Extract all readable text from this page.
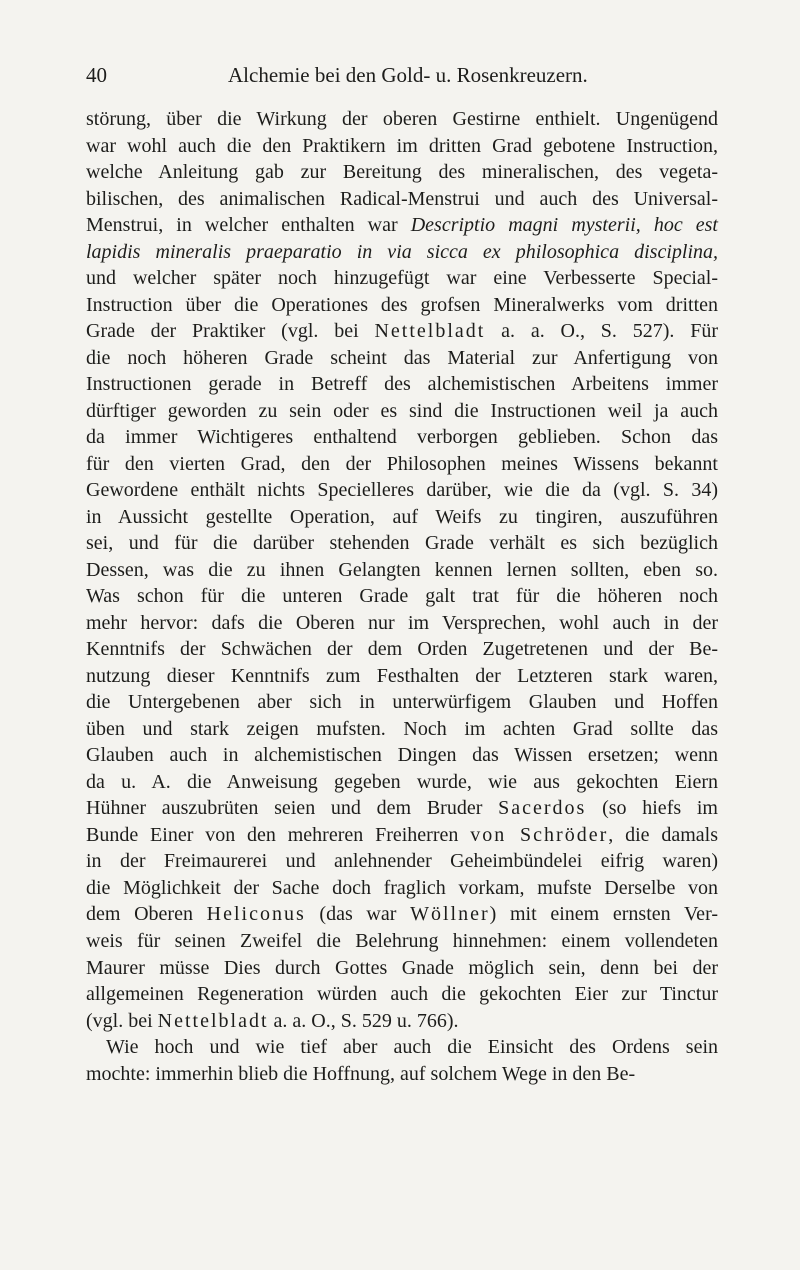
40	Alchemie bei den Gold- u. Rosenkreuzern.
störung, über die Wirkung der oberen Gestirne enthielt. Ungenügend
war wohl auch die den Praktikern im dritten Grad gebotene Instruction,
welche Anleitung gab zur Bereitung des mineralischen, des vegeta-
bilischen, des animalischen Radical-Menstrui und auch des Universal-
Menstrui, in welcher enthalten war Descriptio magni mysterii, hoc est
lapidis mineralis praeparatio in via sicca ex philosophica disciplina,
und welcher später noch hinzugefügt war eine Verbesserte Special-
Instruction über die Operationes des grofsen Mineralwerks vom dritten
Grade der Praktiker (vgl. bei Nettelbladt a. a. O., S. 527). Für
die noch höheren Grade scheint das Material zur Anfertigung von
Instructionen gerade in Betreff des alchemistischen Arbeitens immer
dürftiger geworden zu sein oder es sind die Instructionen weil ja auch
da immer Wichtigeres enthaltend verborgen geblieben. Schon das
für den vierten Grad, den der Philosophen meines Wissens bekannt
Gewordene enthält nichts Specielleres darüber, wie die da (vgl. S. 34)
in Aussicht gestellte Operation, auf Weifs zu tingiren, auszuführen
sei, und für die darüber stehenden Grade verhält es sich bezüglich
Dessen, was die zu ihnen Gelangten kennen lernen sollten, eben so.
Was schon für die unteren Grade galt trat für die höheren noch
mehr hervor: dafs die Oberen nur im Versprechen, wohl auch in der
Kenntnifs der Schwächen der dem Orden Zugetretenen und der Be-
nutzung dieser Kenntnifs zum Festhalten der Letzteren stark waren,
die Untergebenen aber sich in unterwürfigem Glauben und Hoffen
üben und stark zeigen mufsten. Noch im achten Grad sollte das
Glauben auch in alchemistischen Dingen das Wissen ersetzen; wenn
da u. A. die Anweisung gegeben wurde, wie aus gekochten Eiern
Hühner auszubrüten seien und dem Bruder Sacerdos (so hiefs im
Bunde Einer von den mehreren Freiherren von Schröder, die damals
in der Freimaurerei und anlehnender Geheimbündelei eifrig waren)
die Möglichkeit der Sache doch fraglich vorkam, mufste Derselbe von
dem Oberen Heliconus (das war Wöllner) mit einem ernsten Ver-
weis für seinen Zweifel die Belehrung hinnehmen: einem vollendeten
Maurer müsse Dies durch Gottes Gnade möglich sein, denn bei der
allgemeinen Regeneration würden auch die gekochten Eier zur Tinctur
(vgl. bei Nettelbladt a. a. O., S. 529 u. 766).
Wie hoch und wie tief aber auch die Einsicht des Ordens sein
mochte: immerhin blieb die Hoffnung, auf solchem Wege in den Be-
